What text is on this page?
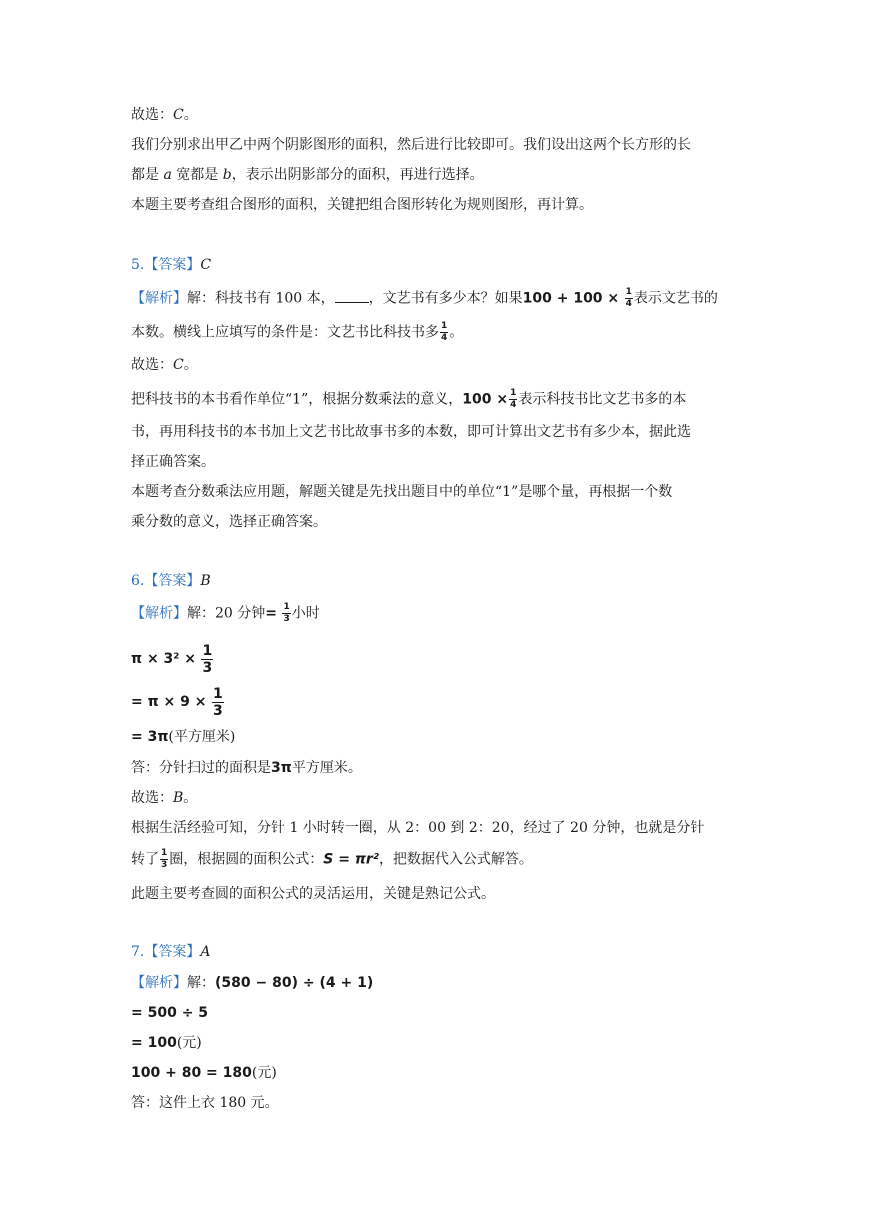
故选：C。
我们分别求出甲乙中两个阴影图形的面积，然后进行比较即可。我们设出这两个长方形的长
都是 a 宽都是 b，表示出阴影部分的面积，再进行选择。
本题主要考查组合图形的面积，关键把组合图形转化为规则图形，再计算。
5.【答案】C
【解析】解：科技书有 100 本， ，文艺书有多少本？如果$100 + 100 \times \frac{1}{4}$ 表示文艺书的
本数。横线上应填写的条件是：文艺书比科技书多 $\frac{1}{4}$ 。
故选：C。
把科技书的本书看作单位“1”，根据分数乘法的意义，$100 \times \frac{1}{4}$ 表示科技书比文艺书多的本
书，再用科技书的本书加上文艺书比故事书多的本数，即可计算出文艺书有多少本，据此选
择正确答案。
本题考查分数乘法应用题，解题关键是先找出题目中的单位“1”是哪个量，再根据一个数
乘分数的意义，选择正确答案。
6.【答案】B
【解析】解：20 分钟= $\frac{1}{3}$ 小时
$\pi \times 3^2 \times \frac{1}{3}$
= $\pi \times 9 \times \frac{1}{3}$
= 3π(平方厘米)
答：分针扫过的面积是3π平方厘米。
故选：B。
根据生活经验可知，分针 1 小时转一圈，从 2：00 到 2：20，经过了 20 分钟，也就是分针
转了 $\frac{1}{3}$ 圈，根据圆的面积公式：S = πr²，把数据代入公式解答。
此题主要考查圆的面积公式的灵活运用，关键是熟记公式。
7.【答案】A
【解析】解：(580 − 80) ÷ (4 + 1)
= 500 ÷ 5
= 100(元)
100 + 80 = 180(元)
答：这件上衣 180 元。
